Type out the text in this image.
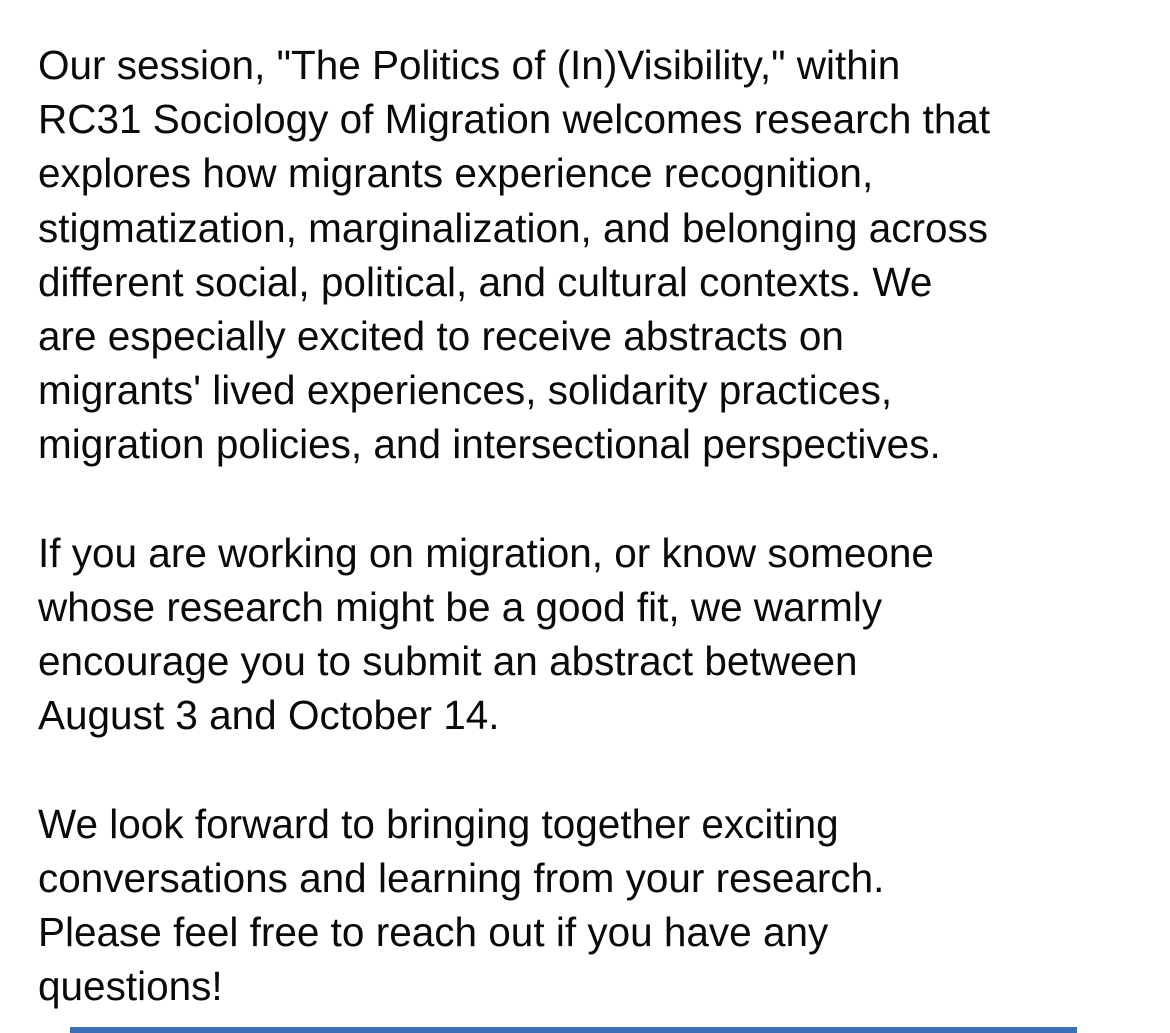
Our session, "The Politics of (In)Visibility," within
RC31 Sociology of Migration welcomes research that
explores how migrants experience recognition,
stigmatization, marginalization, and belonging across
different social, political, and cultural contexts. We
are especially excited to receive abstracts on
migrants' lived experiences, solidarity practices,
migration policies, and intersectional perspectives.
If you are working on migration, or know someone
whose research might be a good fit, we warmly
encourage you to submit an abstract between
August 3 and October 14.
We look forward to bringing together exciting
conversations and learning from your research.
Please feel free to reach out if you have any
questions!
